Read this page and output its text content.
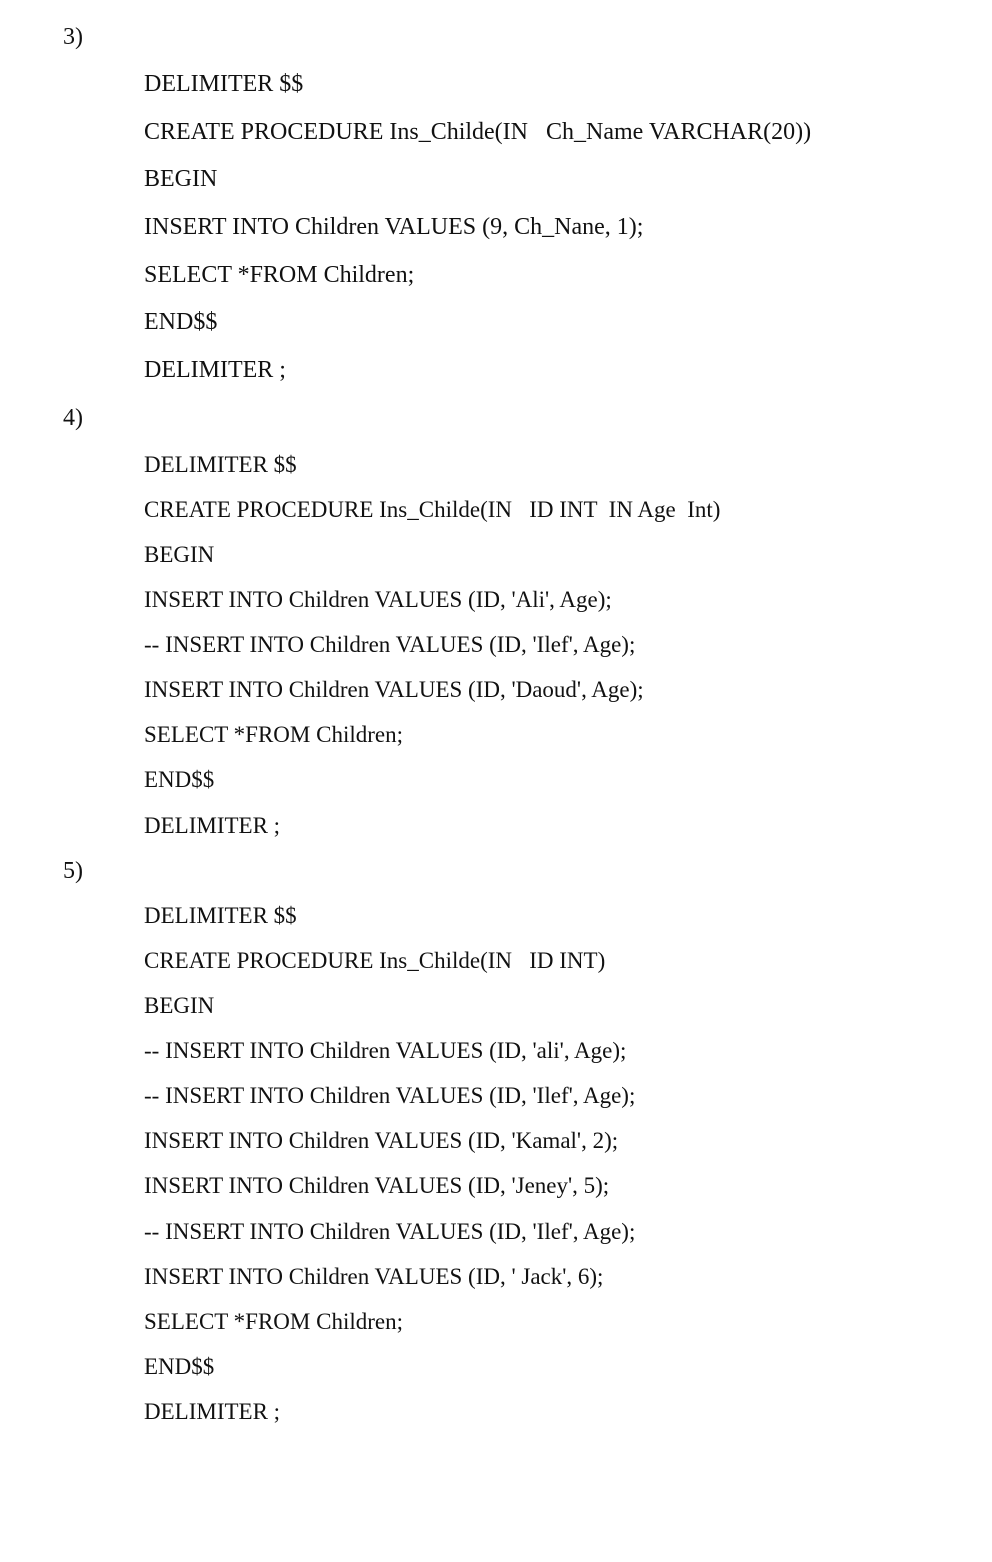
3)
DELIMITER $$
CREATE PROCEDURE Ins_Childe(IN   Ch_Name VARCHAR(20))
BEGIN
INSERT INTO Children VALUES (9, Ch_Nane, 1);
SELECT *FROM Children;
END$$
DELIMITER ;
4)
DELIMITER $$
CREATE PROCEDURE Ins_Childe(IN   ID INT  IN Age  Int)
BEGIN
INSERT INTO Children VALUES (ID, 'Ali', Age);
-- INSERT INTO Children VALUES (ID, 'Ilef', Age);
INSERT INTO Children VALUES (ID, 'Daoud', Age);
SELECT *FROM Children;
END$$
DELIMITER ;
5)
DELIMITER $$
CREATE PROCEDURE Ins_Childe(IN   ID INT)
BEGIN
-- INSERT INTO Children VALUES (ID, 'ali', Age);
-- INSERT INTO Children VALUES (ID, 'Ilef', Age);
INSERT INTO Children VALUES (ID, 'Kamal', 2);
INSERT INTO Children VALUES (ID, 'Jeney', 5);
-- INSERT INTO Children VALUES (ID, 'Ilef', Age);
INSERT INTO Children VALUES (ID, ' Jack', 6);
SELECT *FROM Children;
END$$
DELIMITER ;
